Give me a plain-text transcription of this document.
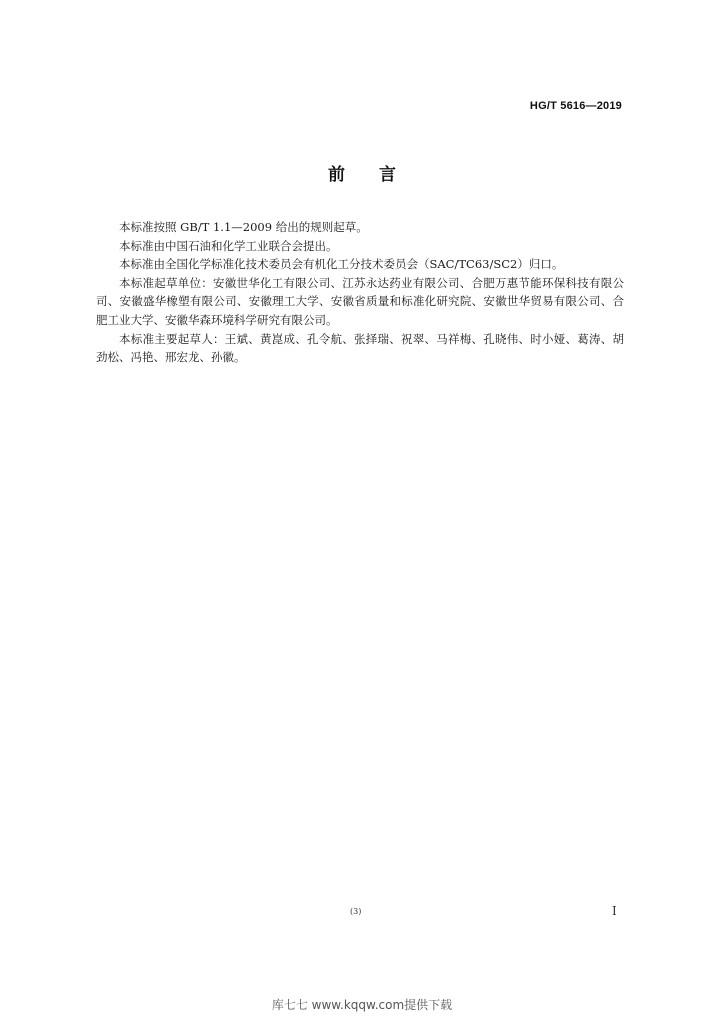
HG/T 5616—2019
前 言

本标准按照 GB/T 1.1—2009 给出的规则起草。

本标准由中国石油和化学工业联合会提出。

本标准由全国化学标准化技术委员会有机化工分技术委员会（SAC/TC63/SC2）归口。

本标准起草单位：安徽世华化工有限公司、江苏永达药业有限公司、合肥万惠节能环保科技有限公司、安徽盛华橡塑有限公司、安徽理工大学、安徽省质量和标准化研究院、安徽世华贸易有限公司、合肥工业大学、安徽华森环境科学研究有限公司。

本标准主要起草人：王斌、黄崑成、孔令航、张择瑞、祝翠、马祥梅、孔晓伟、时小娅、葛涛、胡劲松、冯艳、邢宏龙、孙徽。

(3)	I
库七七 www.kqqw.com提供下载
